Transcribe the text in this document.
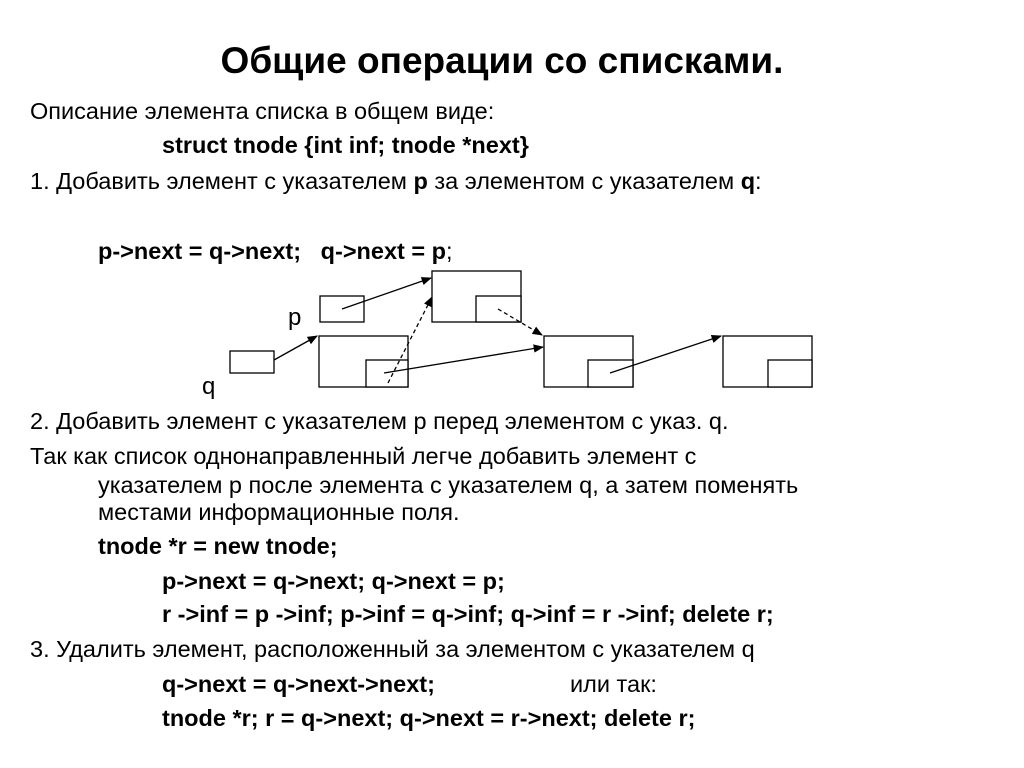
Общие операции со списками.
Описание элемента списка в общем виде:
struct tnode {int inf; tnode *next}
1. Добавить элемент с указателем p за элементом с указателем q:
p->next = q->next; q->next = p;
p
q
2. Добавить элемент с указателем р перед элементом с указ. q.
Так как список однонаправленный легче добавить элемент с
указателем р после элемента с указателем q, а затем поменять
местами информационные поля.
tnode *r = new tnode;
p->next = q->next; q->next = p;
r ->inf = p ->inf; p->inf = q->inf; q->inf = r ->inf; delete r;
3. Удалить элемент, расположенный за элементом с указателем q
q->next = q->next->next;	или так:
tnode *r; r = q->next; q->next = r->next; delete r;
